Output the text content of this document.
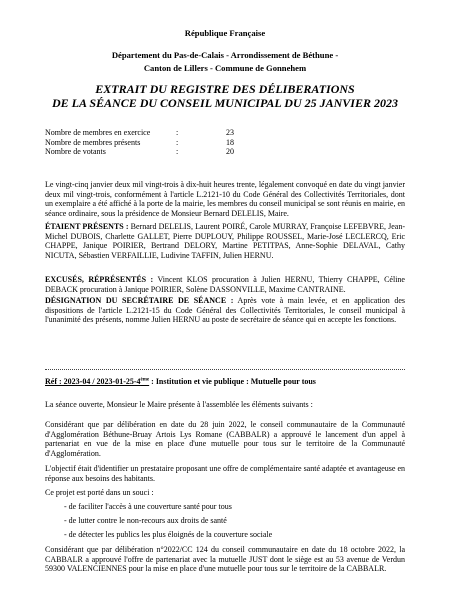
République Française
Département du Pas-de-Calais - Arrondissement de Béthune -
Canton de Lillers - Commune de Gonnehem
EXTRAIT DU REGISTRE DES DÉLIBERATIONS
DE LA SÉANCE DU CONSEIL MUNICIPAL DU 25 JANVIER 2023
Nombre de membres en exercice	:	23
Nombre de membres présents	:	18
Nombre de votants	:	20
Le vingt-cinq janvier deux mil vingt-trois à dix-huit heures trente, légalement convoqué en date du vingt janvier deux mil vingt-trois, conformément à l'article L.2121-10 du Code Général des Collectivités Territoriales, dont un exemplaire a été affiché à la porte de la mairie, les membres du conseil municipal se sont réunis en mairie, en séance ordinaire, sous la présidence de Monsieur Bernard DELELIS, Maire.
ÉTAIENT PRÉSENTS : Bernard DELELIS, Laurent POIRÉ, Carole MURRAY, Françoise LEFEBVRE, Jean-Michel DUBOIS, Charlette GALLET, Pierre DUPLOUY, Philippe ROUSSEL, Marie-José LECLERCQ, Eric CHAPPE, Janique POIRIER, Bertrand DELORY, Martine PETITPAS, Anne-Sophie DELAVAL, Cathy NICUTA, Sébastien VERFAILLIE, Ludivine TAFFIN, Julien HERNU.
EXCUSÉS, RÉPRÉSENTÉS : Vincent KLOS procuration à Julien HERNU, Thierry CHAPPE, Céline DEBACK procuration à Janique POIRIER, Solène DASSONVILLE, Maxime CANTRAINE.
DÉSIGNATION DU SECRÉTAIRE DE SÉANCE : Après vote à main levée, et en application des dispositions de l'article L.2121-15 du Code Général des Collectivités Territoriales, le conseil municipal à l'unanimité des présents, nomme Julien HERNU au poste de secrétaire de séance qui en accepte les fonctions.
Réf : 2023-04 / 2023-01-25-4ème : Institution et vie publique : Mutuelle pour tous
La séance ouverte, Monsieur le Maire présente à l'assemblée les éléments suivants :
Considérant que par délibération en date du 28 juin 2022, le conseil communautaire de la Communauté d'Agglomération Béthune-Bruay Artois Lys Romane (CABBALR) a approuvé le lancement d'un appel à partenariat en vue de la mise en place d'une mutuelle pour tous sur le territoire de la Communauté d'Agglomération.
L'objectif était d'identifier un prestataire proposant une offre de complémentaire santé adaptée et avantageuse en réponse aux besoins des habitants.
Ce projet est porté dans un souci :
- de faciliter l'accès à une couverture santé pour tous
- de lutter contre le non-recours aux droits de santé
- de détecter les publics les plus éloignés de la couverture sociale
Considérant que par délibération n°2022/CC 124 du conseil communautaire en date du 18 octobre 2022, la CABBALR a approuvé l'offre de partenariat avec la mutuelle JUST dont le siège est au 53 avenue de Verdun 59300 VALENCIENNES pour la mise en place d'une mutuelle pour tous sur le territoire de la CABBALR.
